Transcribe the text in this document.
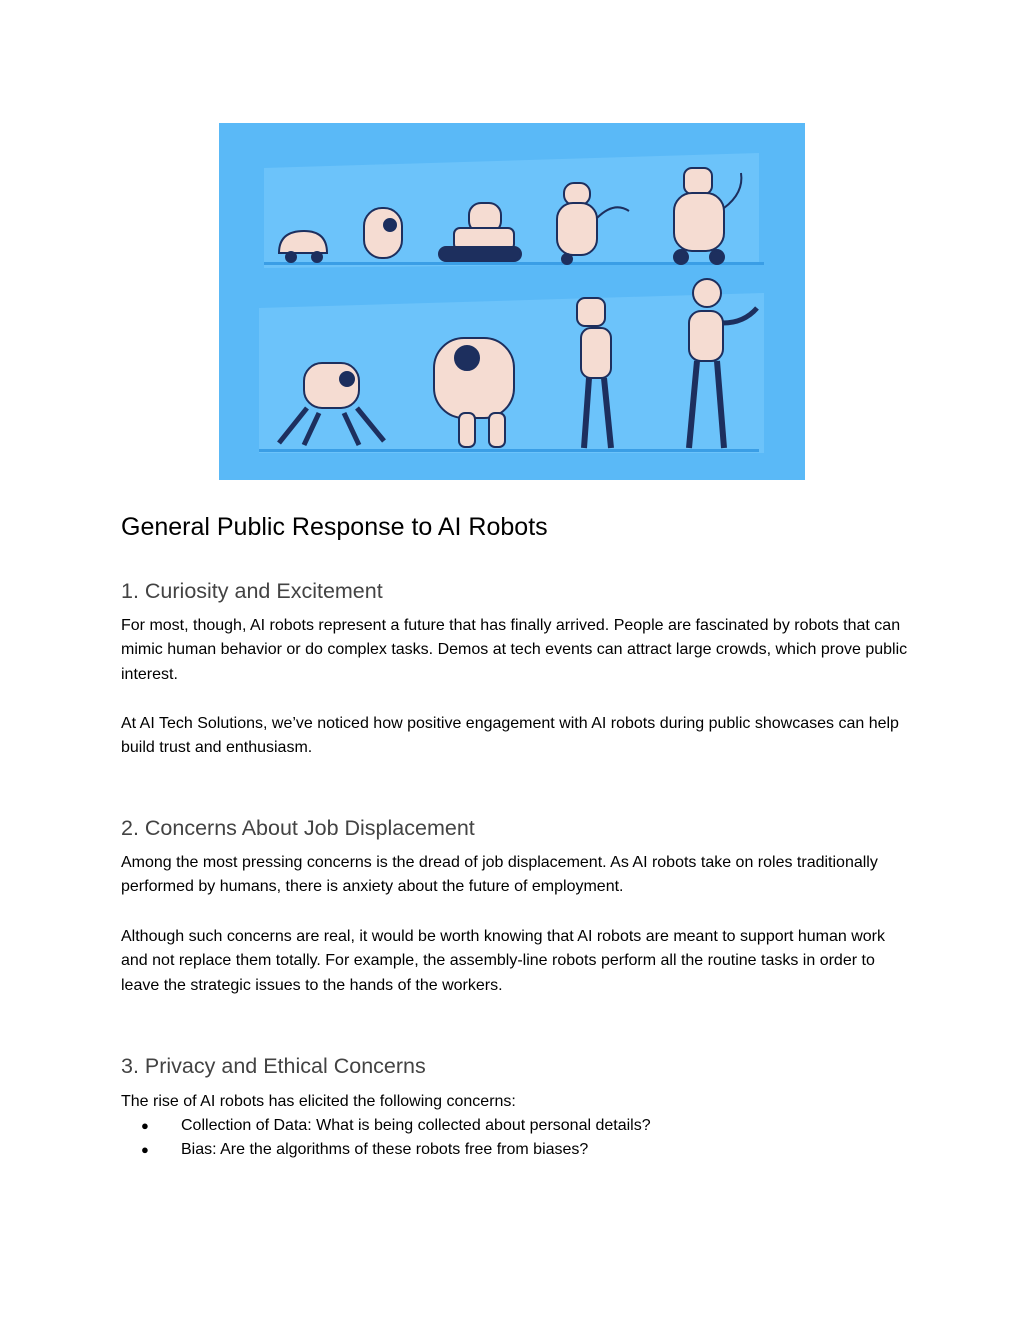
General Public Response to AI Robots
1. Curiosity and Excitement

For most, though, AI robots represent a future that has finally arrived. People are fascinated by robots that can mimic human behavior or do complex tasks. Demos at tech events can attract large crowds, which prove public interest.

At AI Tech Solutions, we’ve noticed how positive engagement with AI robots during public showcases can help build trust and enthusiasm.

2. Concerns About Job Displacement

Among the most pressing concerns is the dread of job displacement. As AI robots take on roles traditionally performed by humans, there is anxiety about the future of employment.

Although such concerns are real, it would be worth knowing that AI robots are meant to support human work and not replace them totally. For example, the assembly-line robots perform all the routine tasks in order to leave the strategic issues to the hands of the workers.

3. Privacy and Ethical Concerns

The rise of AI robots has elicited the following concerns:

● Collection of Data: What is being collected about personal details?
● Bias: Are the algorithms of these robots free from biases?
